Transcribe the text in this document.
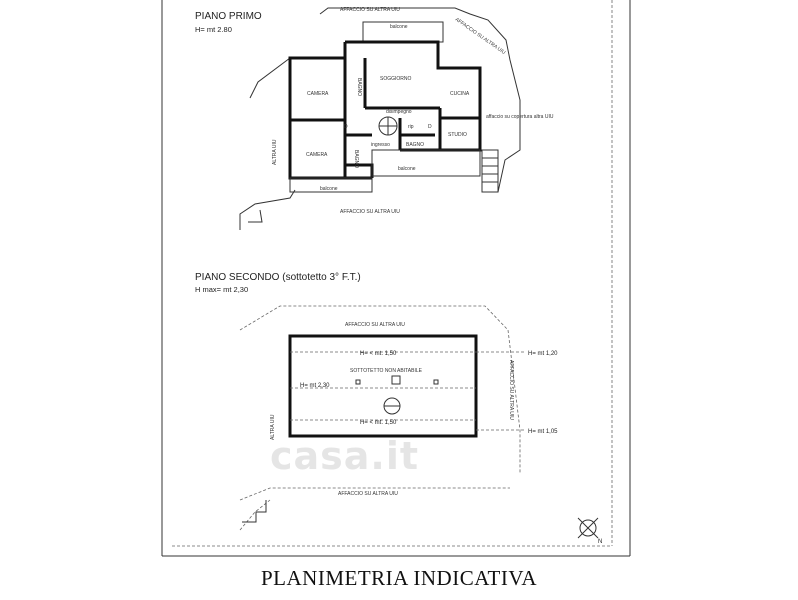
PIANO PRIMO
H= mt 2.80
AFFACCIO SU ALTRA UIU
AFFACCIO SU ALTRA UIU
AFFACCIO SU ALTRA UIU
ALTRA UIU
affaccio su copertura altra UIU
balcone
balcone
balcone
CAMERA	BAGNO	SOGGIORNO
CUCINA
disimpegno
D	rip	D
CAMERA	BAGNO
ingresso	BAGNO
STUDIO
PIANO SECONDO (sottotetto 3° F.T.)
H max= mt 2,30
AFFACCIO SU ALTRA UIU
AFFACCIO SU ALTRA UIU
ALTRA UIU
AFFACCIO SU ALTRA UIU
H= < mt. 1,50
SOTTOTETTO NON ABITABILE
H= mt 2,30
H= < mt. 1,50
H= mt 1,20
H= mt 1,05
N
casa.it
PLANIMETRIA INDICATIVA
